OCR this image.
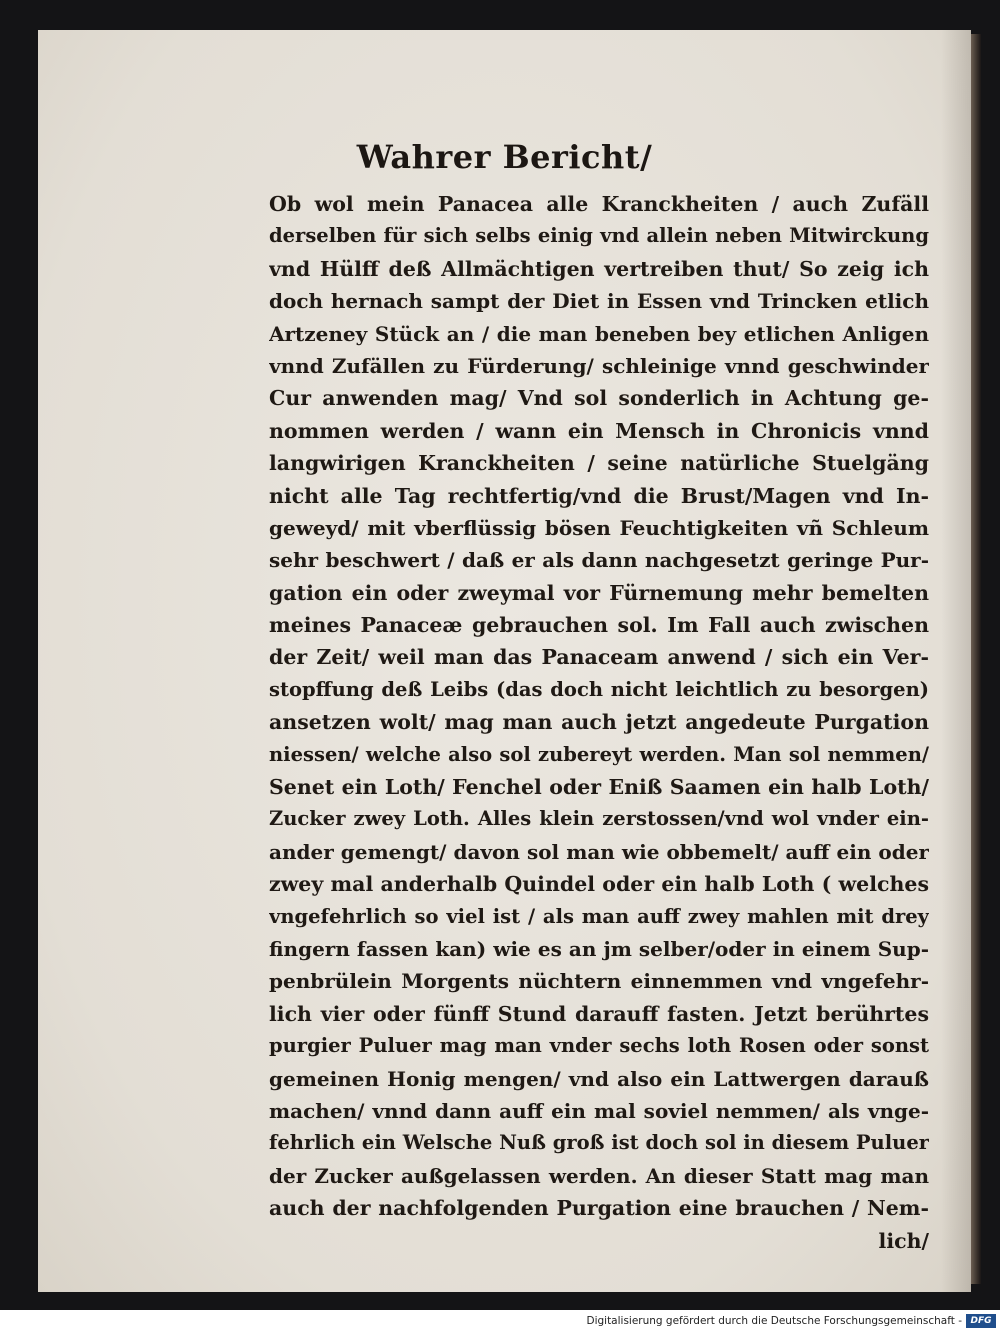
Wahrer Bericht/
Ob wol mein Panacea alle Kranckheiten / auch Zufäll
derselben für sich selbs einig vnd allein neben Mitwirckung
vnd Hülff deß Allmächtigen vertreiben thut/ So zeig ich
doch hernach sampt der Diet in Essen vnd Trincken etlich
Artzeney Stück an / die man beneben bey etlichen Anligen
vnnd Zufällen zu Fürderung/ schleinige vnnd geschwinder
Cur anwenden mag/ Vnd sol sonderlich in Achtung ge-
nommen werden / wann ein Mensch in Chronicis vnnd
langwirigen Kranckheiten / seine natürliche Stuelgäng
nicht alle Tag rechtfertig/vnd die Brust/Magen vnd In-
geweyd/ mit vberflüssig bösen Feuchtigkeiten vñ Schleum
sehr beschwert / daß er als dann nachgesetzt geringe Pur-
gation ein oder zweymal vor Fürnemung mehr bemelten
meines Panaceæ gebrauchen sol. Im Fall auch zwischen
der Zeit/ weil man das Panaceam anwend / sich ein Ver-
stopffung deß Leibs (das doch nicht leichtlich zu besorgen)
ansetzen wolt/ mag man auch jetzt angedeute Purgation
niessen/ welche also sol zubereyt werden. Man sol nemmen/
Senet ein Loth/ Fenchel oder Eniß Saamen ein halb Loth/
Zucker zwey Loth. Alles klein zerstossen/vnd wol vnder ein-
ander gemengt/ davon sol man wie obbemelt/ auff ein oder
zwey mal anderhalb Quindel oder ein halb Loth ( welches
vngefehrlich so viel ist / als man auff zwey mahlen mit drey
fingern fassen kan) wie es an jm selber/oder in einem Sup-
penbrülein Morgents nüchtern einnemmen vnd vngefehr-
lich vier oder fünff Stund darauff fasten. Jetzt berührtes
purgier Puluer mag man vnder sechs loth Rosen oder sonst
gemeinen Honig mengen/ vnd also ein Lattwergen darauß
machen/ vnnd dann auff ein mal soviel nemmen/ als vnge-
fehrlich ein Welsche Nuß groß ist doch sol in diesem Puluer
der Zucker außgelassen werden. An dieser Statt mag man
auch der nachfolgenden Purgation eine brauchen / Nem-
lich/
Digitalisierung gefördert durch die Deutsche Forschungsgemeinschaft - DFG
